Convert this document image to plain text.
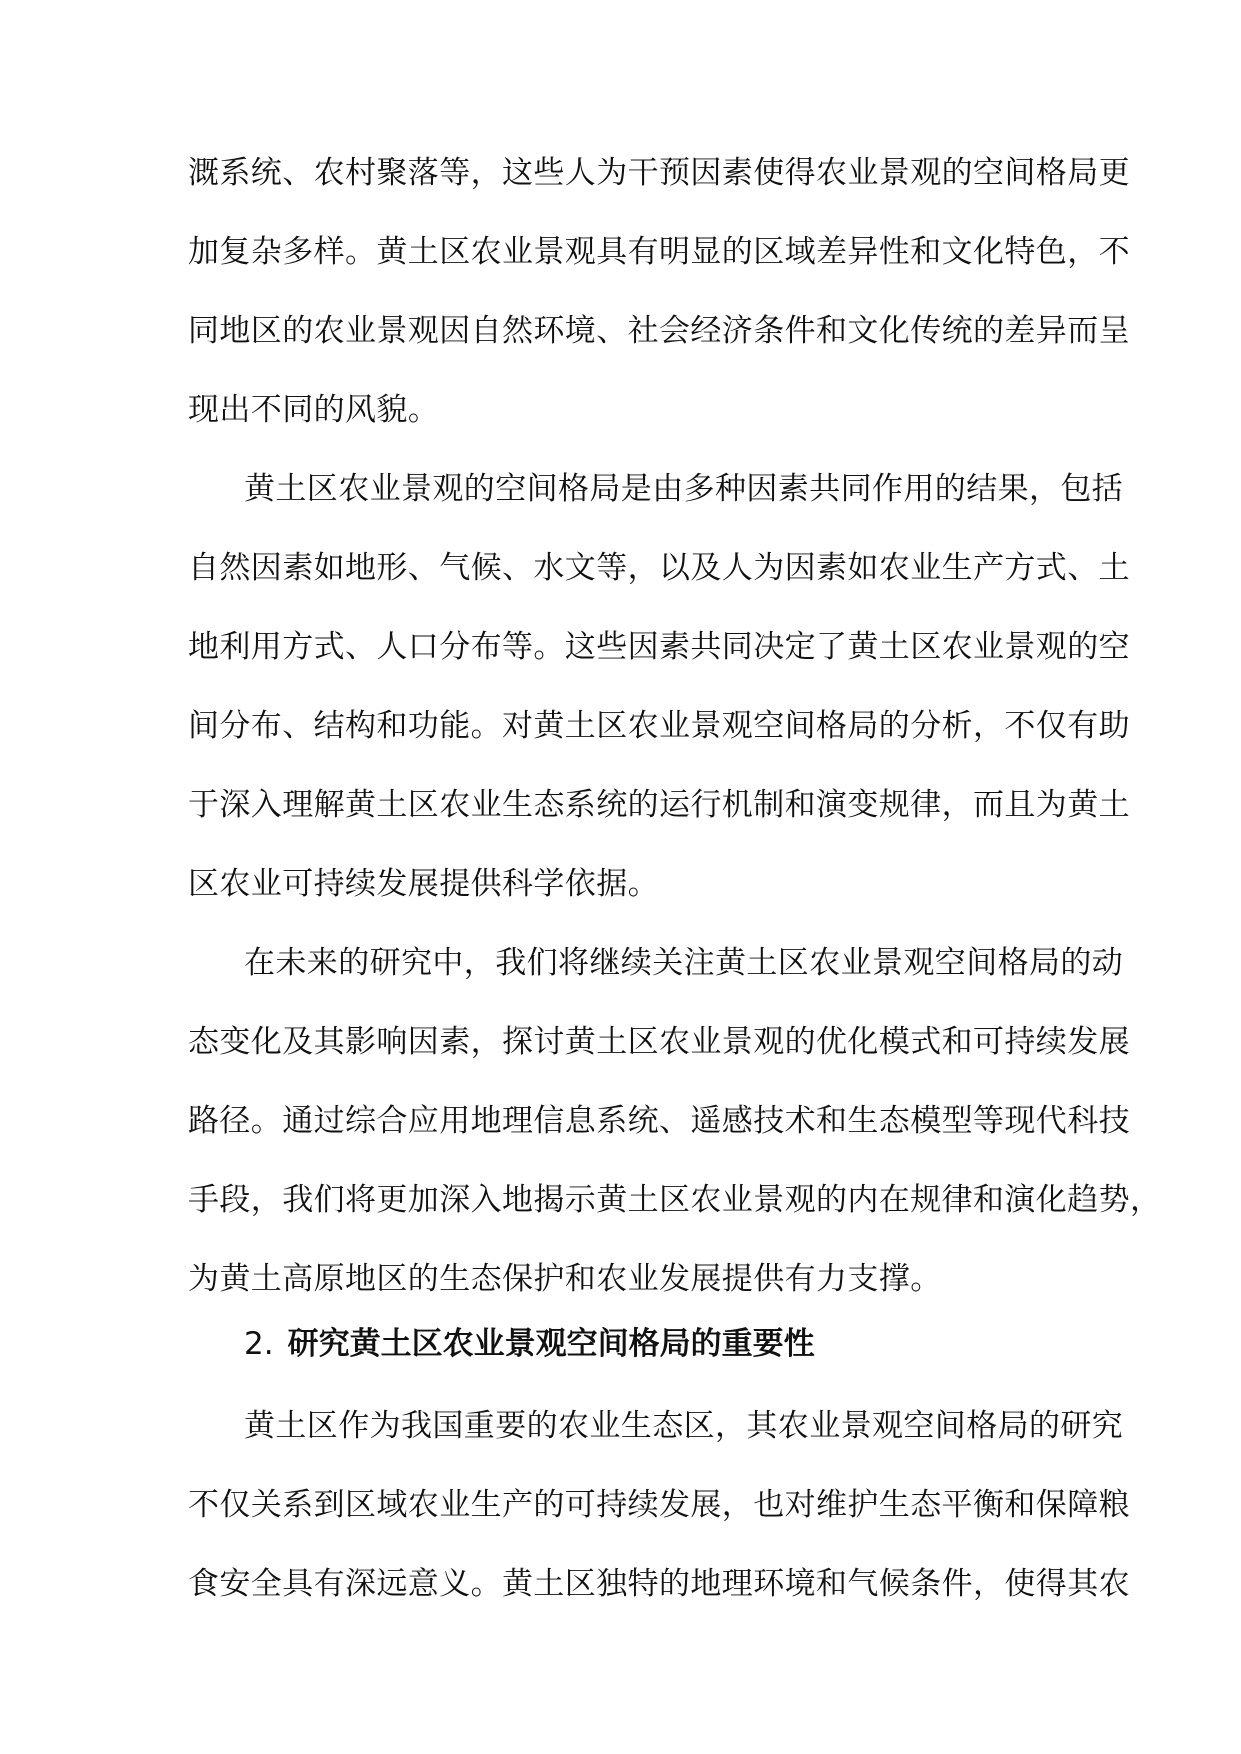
溉系统、农村聚落等，这些人为干预因素使得农业景观的空间格局更
加复杂多样。黄土区农业景观具有明显的区域差异性和文化特色，不
同地区的农业景观因自然环境、社会经济条件和文化传统的差异而呈
现出不同的风貌。
黄土区农业景观的空间格局是由多种因素共同作用的结果，包括
自然因素如地形、气候、水文等，以及人为因素如农业生产方式、土
地利用方式、人口分布等。这些因素共同决定了黄土区农业景观的空
间分布、结构和功能。对黄土区农业景观空间格局的分析，不仅有助
于深入理解黄土区农业生态系统的运行机制和演变规律，而且为黄土
区农业可持续发展提供科学依据。
在未来的研究中，我们将继续关注黄土区农业景观空间格局的动
态变化及其影响因素，探讨黄土区农业景观的优化模式和可持续发展
路径。通过综合应用地理信息系统、遥感技术和生态模型等现代科技
手段，我们将更加深入地揭示黄土区农业景观的内在规律和演化趋势，
为黄土高原地区的生态保护和农业发展提供有力支撑。
2. 研究黄土区农业景观空间格局的重要性
黄土区作为我国重要的农业生态区，其农业景观空间格局的研究
不仅关系到区域农业生产的可持续发展，也对维护生态平衡和保障粮
食安全具有深远意义。黄土区独特的地理环境和气候条件，使得其农
